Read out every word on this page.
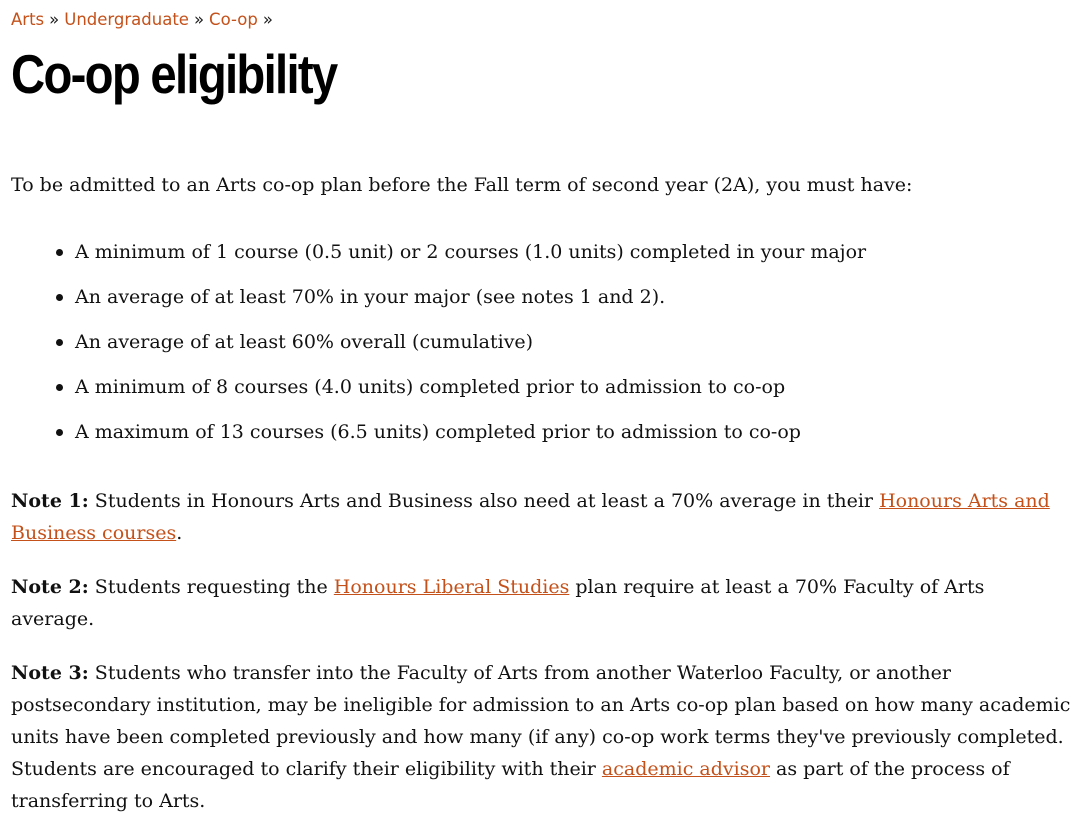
Arts » Undergraduate » Co-op »
Co-op eligibility

To be admitted to an Arts co-op plan before the Fall term of second year (2A), you must have:

A minimum of 1 course (0.5 unit) or 2 courses (1.0 units) completed in your major
An average of at least 70% in your major (see notes 1 and 2).
An average of at least 60% overall (cumulative)
A minimum of 8 courses (4.0 units) completed prior to admission to co-op
A maximum of 13 courses (6.5 units) completed prior to admission to co-op

Note 1: Students in Honours Arts and Business also need at least a 70% average in their Honours Arts and Business courses.

Note 2: Students requesting the Honours Liberal Studies plan require at least a 70% Faculty of Arts average.

Note 3: Students who transfer into the Faculty of Arts from another Waterloo Faculty, or another postsecondary institution, may be ineligible for admission to an Arts co-op plan based on how many academic units have been completed previously and how many (if any) co-op work terms they've previously completed. Students are encouraged to clarify their eligibility with their academic advisor as part of the process of transferring to Arts.
